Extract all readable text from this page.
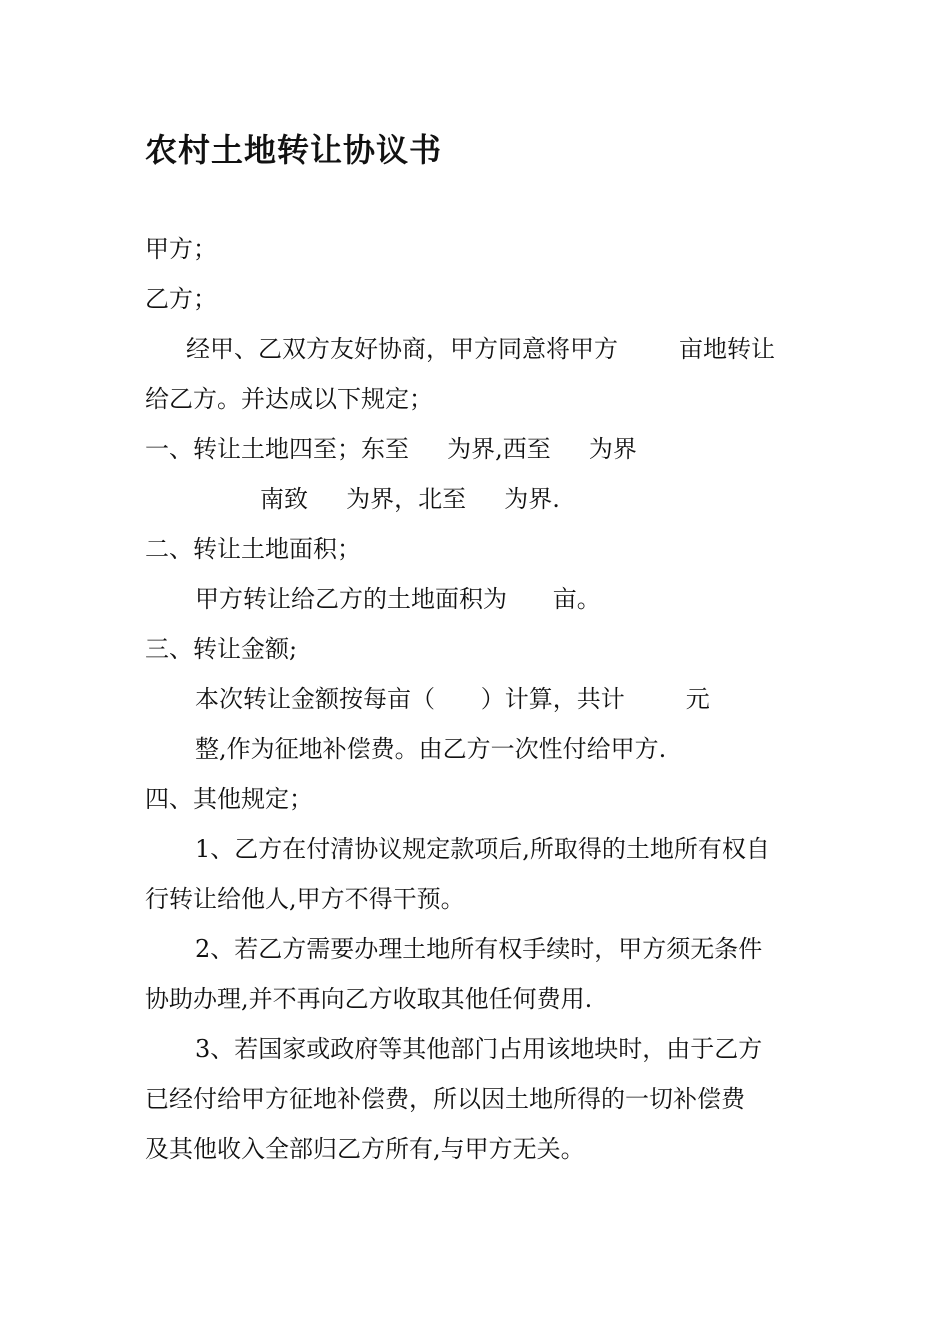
农村土地转让协议书
甲方；
乙方；
经甲、乙双方友好协商，甲方同意将甲方        亩地转让
给乙方。并达成以下规定；
一、转让土地四至；东至     为界,西至     为界
南致     为界，北至     为界.
二、转让土地面积；
甲方转让给乙方的土地面积为      亩。
三、转让金额;
本次转让金额按每亩（      ）计算，共计        元
整,作为征地补偿费。由乙方一次性付给甲方.
四、其他规定；
1、乙方在付清协议规定款项后,所取得的土地所有权自
行转让给他人,甲方不得干预。
2、若乙方需要办理土地所有权手续时，甲方须无条件
协助办理,并不再向乙方收取其他任何费用.
3、若国家或政府等其他部门占用该地块时，由于乙方
已经付给甲方征地补偿费，所以因土地所得的一切补偿费
及其他收入全部归乙方所有,与甲方无关。
